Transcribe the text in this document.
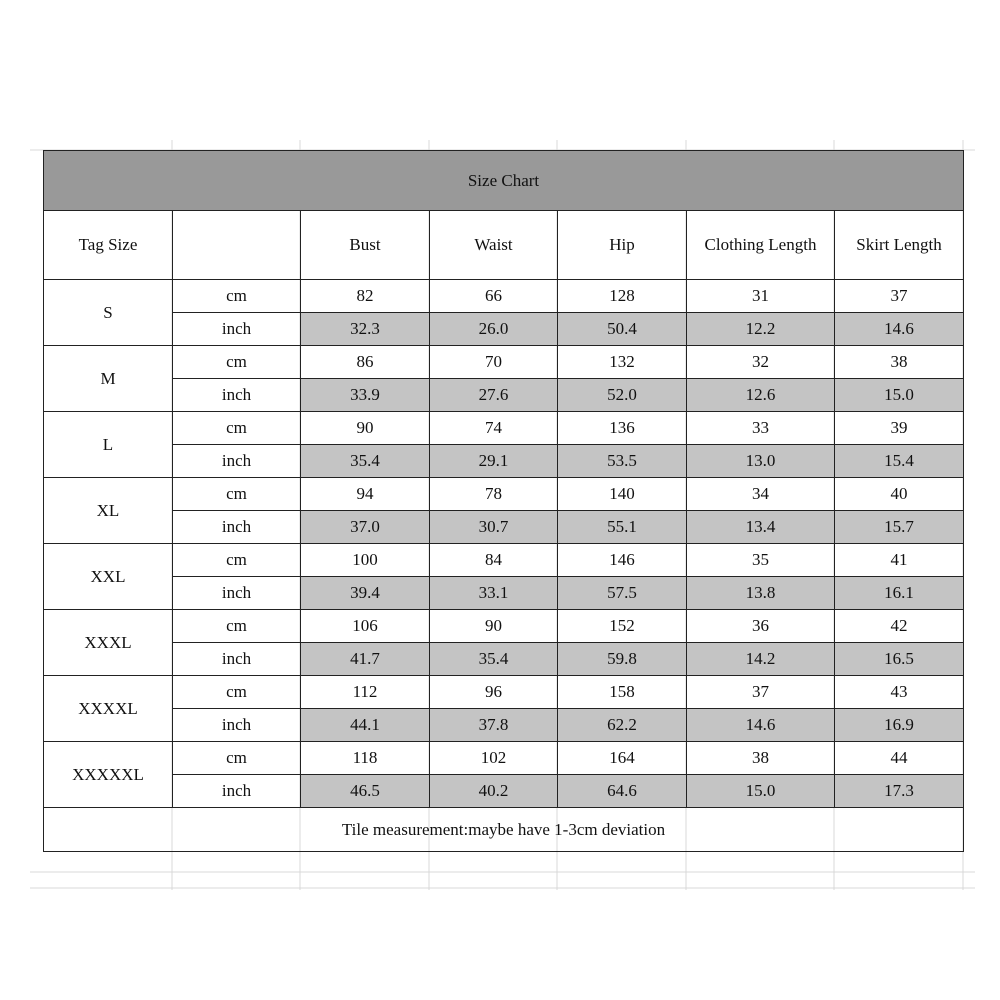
Size Chart						
Tag Size		Bust	Waist	Hip	Clothing Length	Skirt Length
S	cm	82	66	128	31	37
	inch	32.3	26.0	50.4	12.2	14.6
M	cm	86	70	132	32	38
	inch	33.9	27.6	52.0	12.6	15.0
L	cm	90	74	136	33	39
	inch	35.4	29.1	53.5	13.0	15.4
XL	cm	94	78	140	34	40
	inch	37.0	30.7	55.1	13.4	15.7
XXL	cm	100	84	146	35	41
	inch	39.4	33.1	57.5	13.8	16.1
XXXL	cm	106	90	152	36	42
	inch	41.7	35.4	59.8	14.2	16.5
XXXXL	cm	112	96	158	37	43
	inch	44.1	37.8	62.2	14.6	16.9
XXXXXL	cm	118	102	164	38	44
	inch	46.5	40.2	64.6	15.0	17.3
Tile measurement:maybe have 1-3cm deviation						
